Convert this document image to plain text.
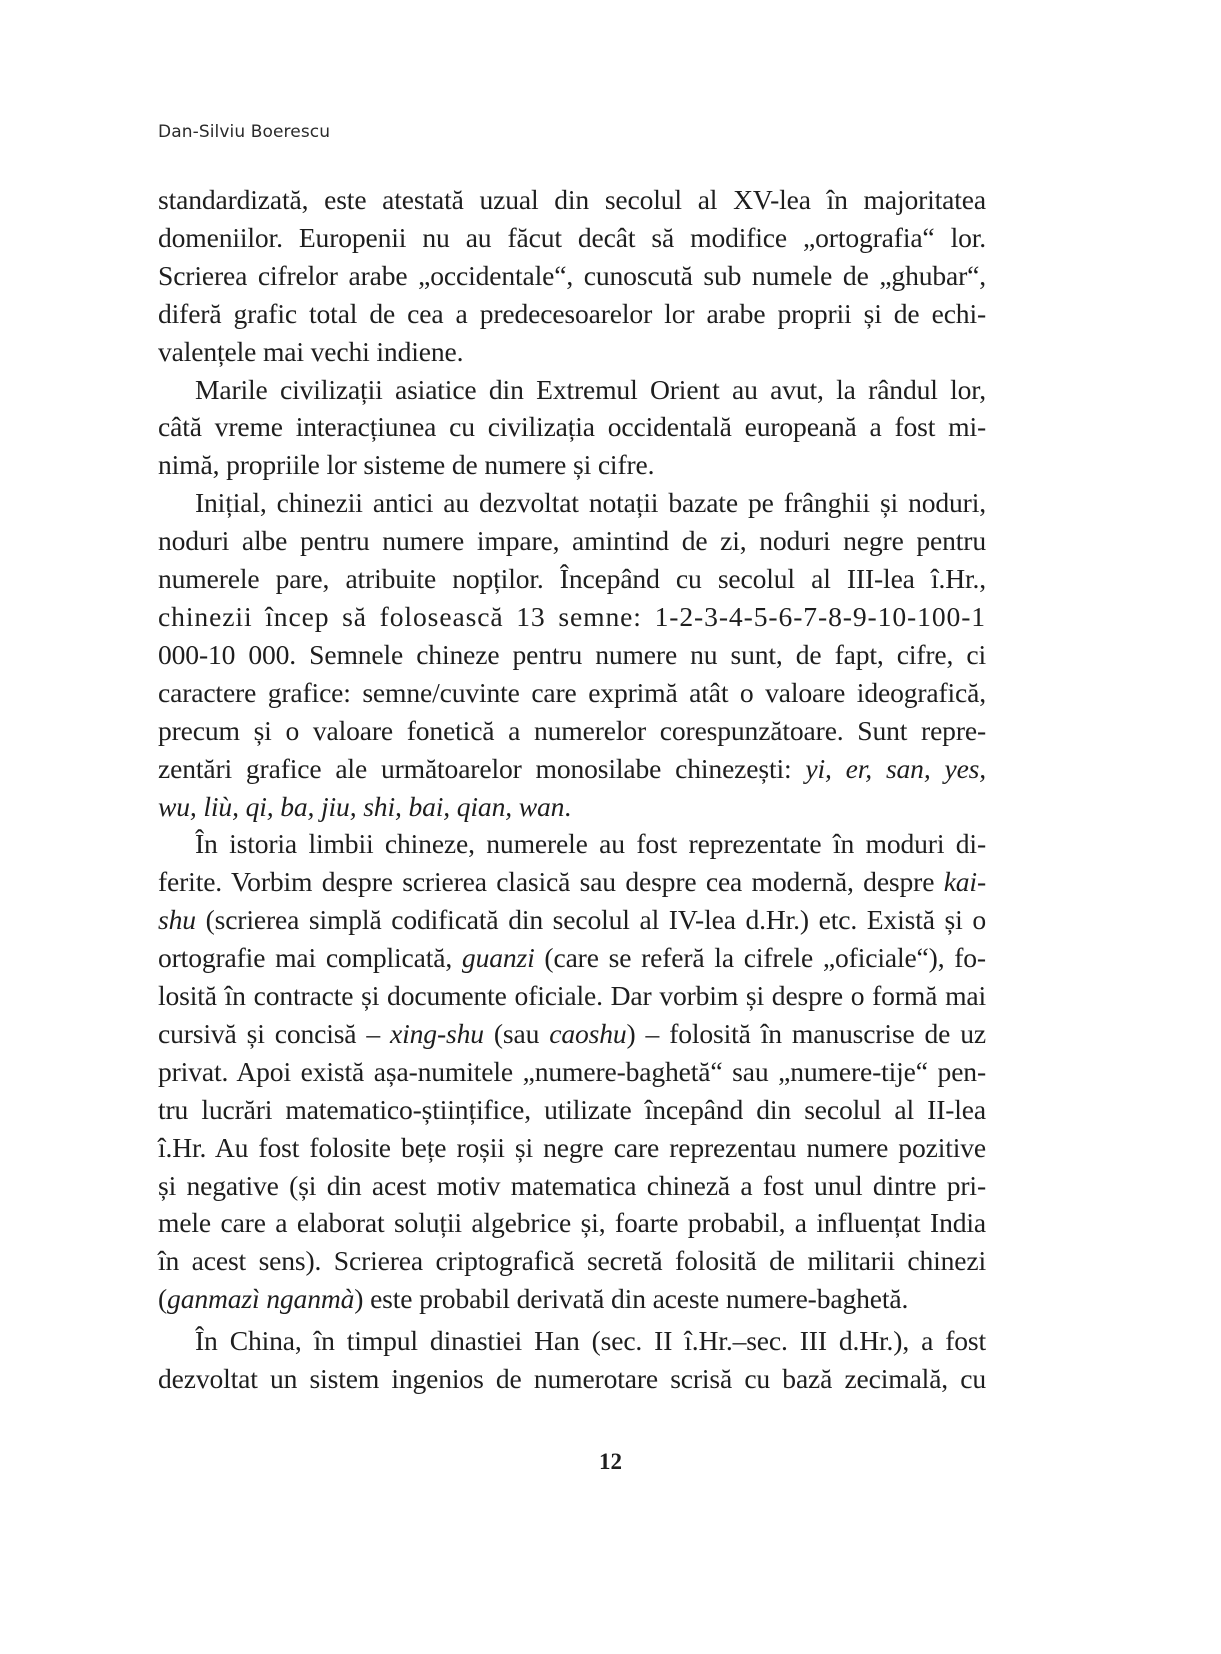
Dan-Silviu Boerescu
standardizată, este atestată uzual din secolul al XV-lea în majoritatea
domeniilor. Europenii nu au făcut decât să modifice „ortografia“ lor.
Scrierea cifrelor arabe „occidentale“, cunoscută sub numele de „ghubar“,
diferă grafic total de cea a predecesoarelor lor arabe proprii și de echi-
valențele mai vechi indiene.
Marile civilizații asiatice din Extremul Orient au avut, la rândul lor,
câtă vreme interacțiunea cu civilizația occidentală europeană a fost mi-
nimă, propriile lor sisteme de numere și cifre.
Inițial, chinezii antici au dezvoltat notații bazate pe frânghii și noduri,
noduri albe pentru numere impare, amintind de zi, noduri negre pentru
numerele pare, atribuite nopților. Începând cu secolul al III-lea î.Hr.,
chinezii încep să folosească 13 semne: 1-2-3-4-5-6-7-8-9-10-100-1
000-10 000. Semnele chineze pentru numere nu sunt, de fapt, cifre, ci
caractere grafice: semne/cuvinte care exprimă atât o valoare ideografică,
precum și o valoare fonetică a numerelor corespunzătoare. Sunt repre-
zentări grafice ale următoarelor monosilabe chinezești: yi, er, san, yes,
wu, liù, qi, ba, jiu, shi, bai, qian, wan.
În istoria limbii chineze, numerele au fost reprezentate în moduri di-
ferite. Vorbim despre scrierea clasică sau despre cea modernă, despre kai-
shu (scrierea simplă codificată din secolul al IV-lea d.Hr.) etc. Există și o
ortografie mai complicată, guanzi (care se referă la cifrele „oficiale“), fo-
losită în contracte și documente oficiale. Dar vorbim și despre o formă mai
cursivă și concisă – xing-shu (sau caoshu) – folosită în manuscrise de uz
privat. Apoi există așa-numitele „numere-baghetă“ sau „numere-tije“ pen-
tru lucrări matematico-științifice, utilizate începând din secolul al II-lea
î.Hr. Au fost folosite bețe roșii și negre care reprezentau numere pozitive
și negative (și din acest motiv matematica chineză a fost unul dintre pri-
mele care a elaborat soluții algebrice și, foarte probabil, a influențat India
în acest sens). Scrierea criptografică secretă folosită de militarii chinezi
(ganmazì nganmà) este probabil derivată din aceste numere-baghetă.
În China, în timpul dinastiei Han (sec. II î.Hr.–sec. III d.Hr.), a fost
dezvoltat un sistem ingenios de numerotare scrisă cu bază zecimală, cu
12
